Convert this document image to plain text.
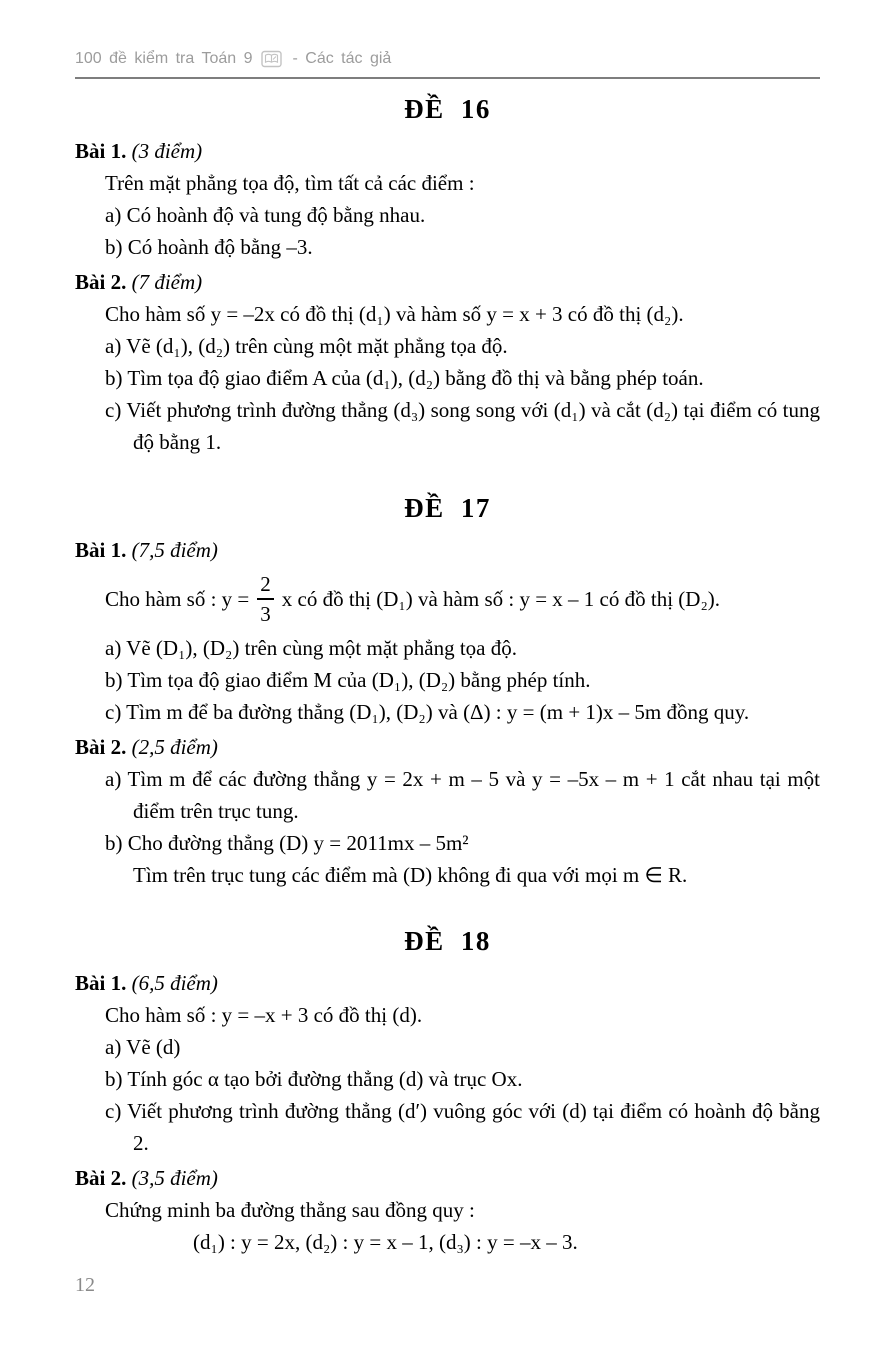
100 đề kiểm tra Toán 9	- Các tác giả
ĐỀ 16
Bài 1. (3 điểm)

Trên mặt phẳng tọa độ, tìm tất cả các điểm :

a) Có hoành độ và tung độ bằng nhau.

b) Có hoành độ bằng –3.

Bài 2. (7 điểm)

Cho hàm số y = –2x có đồ thị (d₁) và hàm số y = x + 3 có đồ thị (d₂).

a) Vẽ (d₁), (d₂) trên cùng một mặt phẳng tọa độ.

b) Tìm tọa độ giao điểm A của (d₁), (d₂) bằng đồ thị và bằng phép toán.

c) Viết phương trình đường thẳng (d₃) song song với (d₁) và cắt (d₂) tại điểm có tung độ bằng 1.

ĐỀ 17
Bài 1. (7,5 điểm)
Cho hàm số : $y = \frac{2}{3}$ x có đồ thị (D₁) và hàm số : y = x – 1 có đồ thị (D₂).

a) Vẽ (D₁), (D₂) trên cùng một mặt phẳng tọa độ.

b) Tìm tọa độ giao điểm M của (D₁), (D₂) bằng phép tính.

c) Tìm m để ba đường thẳng (D₁), (D₂) và (Δ) : y = (m + 1)x – 5m đồng quy.

Bài 2. (2,5 điểm)

a) Tìm m để các đường thẳng y = 2x + m – 5 và y = –5x – m + 1 cắt nhau tại một điểm trên trục tung.

b) Cho đường thẳng (D) y = 2011mx – 5m²

Tìm trên trục tung các điểm mà (D) không đi qua với mọi m ∈ R.

ĐỀ 18
Bài 1. (6,5 điểm)

Cho hàm số : y = –x + 3 có đồ thị (d).

a) Vẽ (d)

b) Tính góc α tạo bởi đường thẳng (d) và trục Ox.

c) Viết phương trình đường thẳng (d′) vuông góc với (d) tại điểm có hoành độ bằng 2.

Bài 2. (3,5 điểm)

Chứng minh ba đường thẳng sau đồng quy :

(d₁) : y = 2x, (d₂) : y = x – 1, (d₃) : y = –x – 3.

12
